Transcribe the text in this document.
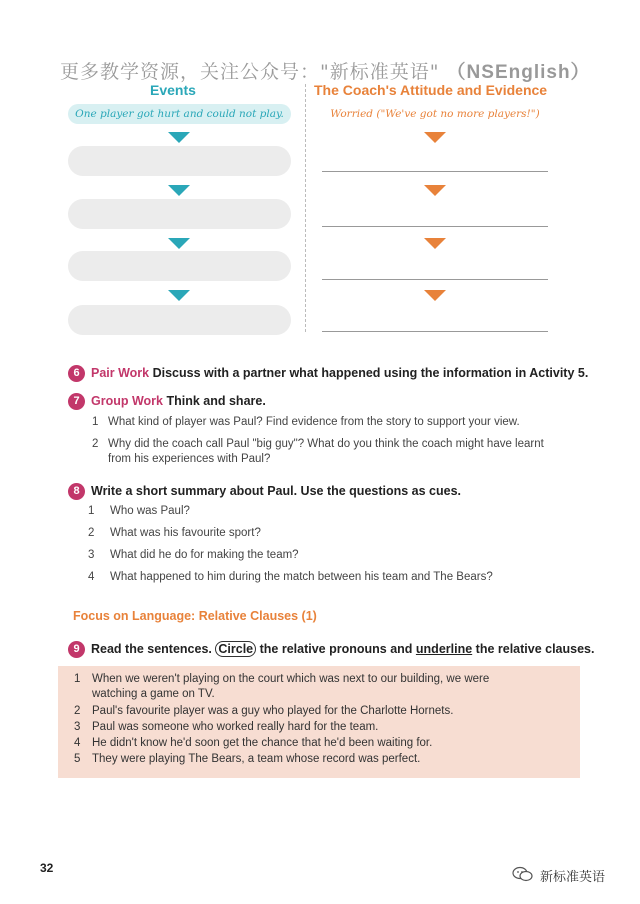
更多教学资源，关注公众号："新标准英语" （NSEnglish）
Events	The Coach's Attitude and Evidence
One player got hurt and could not play.	Worried ("We've got no more players!")
6 Pair Work Discuss with a partner what happened using the information in Activity 5.
7 Group Work Think and share.
1 What kind of player was Paul? Find evidence from the story to support your view.
2 Why did the coach call Paul "big guy"? What do you think the coach might have learnt
from his experiences with Paul?
8 Write a short summary about Paul. Use the questions as cues.
1 Who was Paul?
2 What was his favourite sport?
3 What did he do for making the team?
4 What happened to him during the match between his team and The Bears?
Focus on Language: Relative Clauses (1)
9 Read the sentences. Circle the relative pronouns and underline the relative clauses.
1 When we weren't playing on the court which was next to our building, we were
watching a game on TV.
2 Paul's favourite player was a guy who played for the Charlotte Hornets.
3 Paul was someone who worked really hard for the team.
4 He didn't know he'd soon get the chance that he'd been waiting for.
5 They were playing The Bears, a team whose record was perfect.
32
新标准英语
